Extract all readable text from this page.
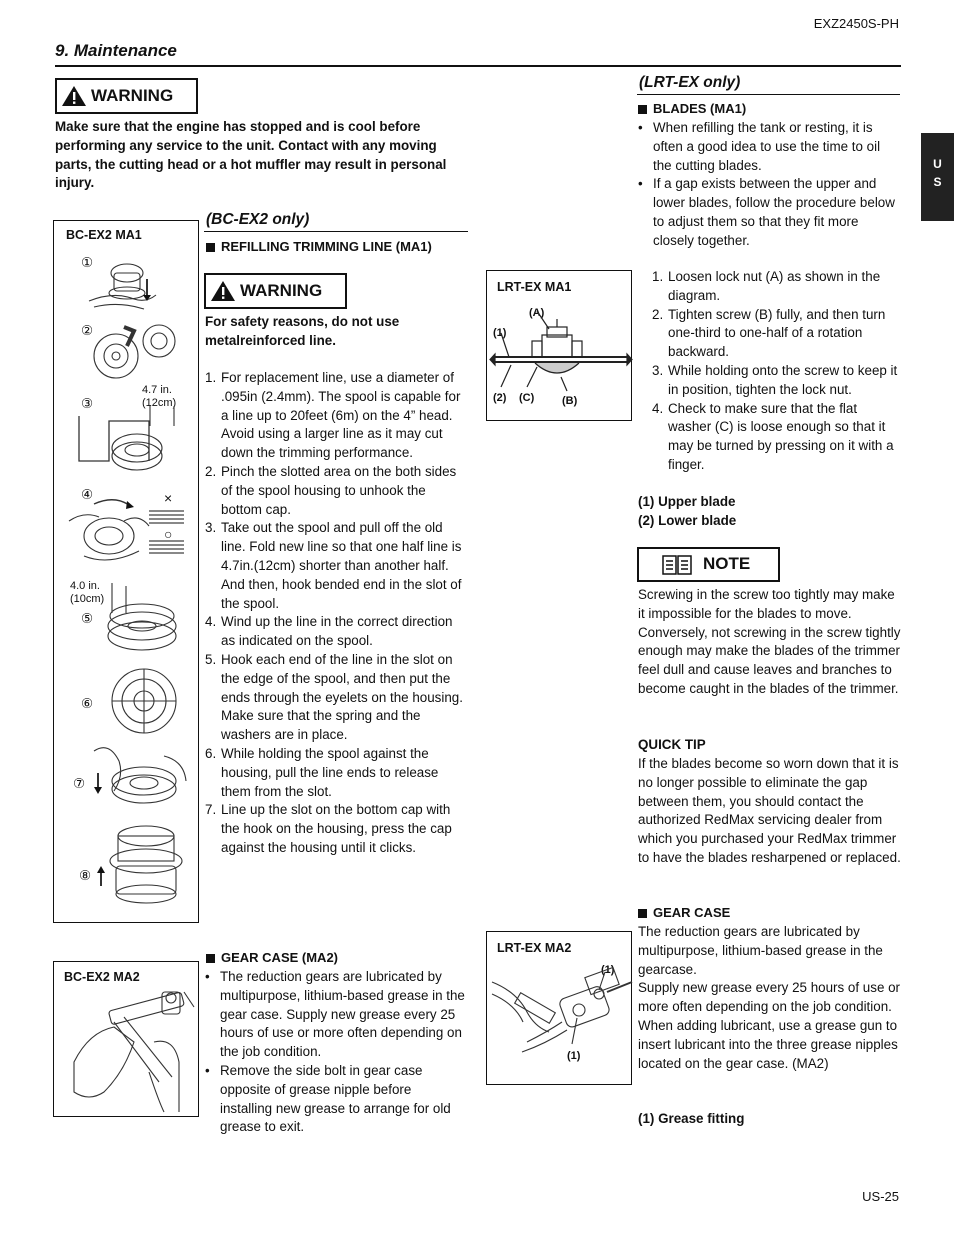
EXZ2450S-PH
9. Maintenance
U
S
WARNING
Make sure that the engine has stopped and is cool before performing any service to the unit. Contact with any moving parts, the cutting head or a hot muffler may result in personal injury.
(BC-EX2 only)
BC-EX2 MA1
①
②
③
④
⑤
⑥
⑦
⑧
4.7 in.
(12cm)
4.0 in.
(10cm)
×
○
REFILLING TRIMMING LINE (MA1)
WARNING
For safety reasons, do not use metalreinforced line.
1. For replacement line, use a diameter of .095in (2.4mm). The spool is capable for a line up to 20feet (6m) on the 4” head. Avoid using a larger line as it may cut down the trimming performance.
2. Pinch the slotted area on the both sides of the spool housing to unhook the bottom cap.
3. Take out the spool and pull off the old line. Fold new line so that one half line is 4.7in.(12cm) shorter than another half. And then, hook bended end in the slot of the spool.
4. Wind up the line in the correct direction as indicated on the spool.
5. Hook each end of the line in the slot on the edge of the spool, and then put the ends through the eyelets on the housing. Make sure that the spring and the washers are in place.
6. While holding the spool against the housing, pull the line ends to release them from the slot.
7. Line up the slot on the bottom cap with the hook on the housing, press the cap against the housing until it clicks.
GEAR CASE (MA2)
• The reduction gears are lubricated by multipurpose, lithium-based grease in the gear case. Supply new grease every 25 hours of use or more often depending on the job condition.
• Remove the side bolt in gear case opposite of grease nipple before installing new grease to arrange for old grease to exit.
BC-EX2 MA2
(LRT-EX only)
BLADES (MA1)
• When refilling the tank or resting, it is often a good idea to use the time to oil the cutting blades.
• If a gap exists between the upper and lower blades, follow the procedure below to adjust them so that they fit more closely together.
1. Loosen lock nut (A) as shown in the diagram.
2. Tighten screw (B) fully, and then turn one-third to one-half of a rotation backward.
3. While holding onto the screw to keep it in position, tighten the lock nut.
4. Check to make sure that the flat washer (C) is loose enough so that it may be turned by pressing on it with a finger.
(1) Upper blade
(2) Lower blade
LRT-EX MA1
(A)
(1)
(2) (C)	(B)
NOTE
Screwing in the screw too tightly may make it impossible for the blades to move. Conversely, not screwing in the screw tightly enough may make the blades of the trimmer feel dull and cause leaves and branches to become caught in the blades of the trimmer.
QUICK TIP
If the blades become so worn down that it is no longer possible to eliminate the gap between them, you should contact the authorized RedMax servicing dealer from which you purchased your RedMax trimmer to have the blades resharpened or replaced.
GEAR CASE
The reduction gears are lubricated by multipurpose, lithium-based grease in the gearcase.
Supply new grease every 25 hours of use or more often depending on the job condition.
When adding lubricant, use a grease gun to insert lubricant into the three grease nipples located on the gear case. (MA2)
(1) Grease fitting
LRT-EX MA2
(1)
(1)
US-25
